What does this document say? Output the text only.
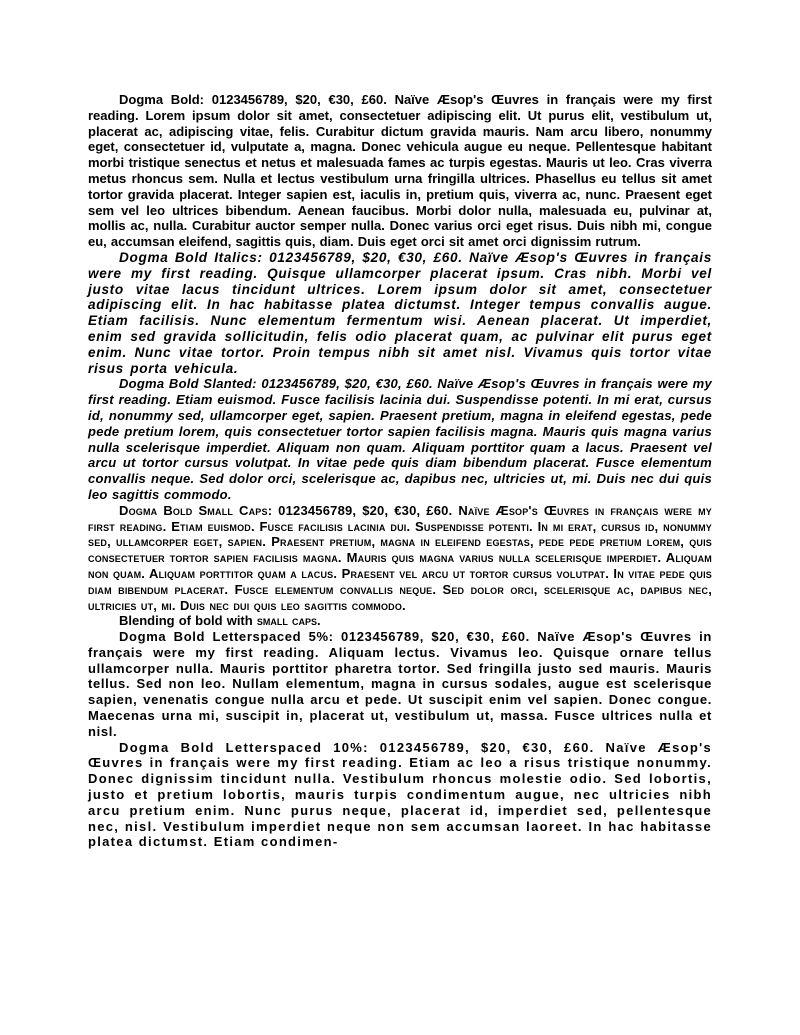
Dogma Bold: 0123456789, $20, €30, £60. Naïve Æsop's Œuvres in français were my first reading. Lorem ipsum dolor sit amet, consectetuer adipiscing elit. Ut purus elit, vestibulum ut, placerat ac, adipiscing vitae, felis. Curabitur dictum gravida mauris. Nam arcu libero, nonummy eget, consectetuer id, vulputate a, magna. Donec vehicula augue eu neque. Pellentesque habitant morbi tristique senectus et netus et malesuada fames ac turpis egestas. Mauris ut leo. Cras viverra metus rhoncus sem. Nulla et lectus vestibulum urna fringilla ultrices. Phasellus eu tellus sit amet tortor gravida placerat. Integer sapien est, iaculis in, pretium quis, viverra ac, nunc. Praesent eget sem vel leo ultrices bibendum. Aenean faucibus. Morbi dolor nulla, malesuada eu, pulvinar at, mollis ac, nulla. Curabitur auctor semper nulla. Donec varius orci eget risus. Duis nibh mi, congue eu, accumsan eleifend, sagittis quis, diam. Duis eget orci sit amet orci dignissim rutrum.

Dogma Bold Italics: 0123456789, $20, €30, £60. Naïve Æsop's Œuvres in français were my first reading. Quisque ullamcorper placerat ipsum. Cras nibh. Morbi vel justo vitae lacus tincidunt ultrices. Lorem ipsum dolor sit amet, consectetuer adipiscing elit. In hac habitasse platea dictumst. Integer tempus convallis augue. Etiam facilisis. Nunc elementum fermentum wisi. Aenean placerat. Ut imperdiet, enim sed gravida sollicitudin, felis odio placerat quam, ac pulvinar elit purus eget enim. Nunc vitae tortor. Proin tempus nibh sit amet nisl. Vivamus quis tortor vitae risus porta vehicula.

Dogma Bold Slanted: 0123456789, $20, €30, £60. Naïve Æsop's Œuvres in français were my first reading. Etiam euismod. Fusce facilisis lacinia dui. Suspendisse potenti. In mi erat, cursus id, nonummy sed, ullamcorper eget, sapien. Praesent pretium, magna in eleifend egestas, pede pede pretium lorem, quis consectetuer tortor sapien facilisis magna. Mauris quis magna varius nulla scelerisque imperdiet. Aliquam non quam. Aliquam porttitor quam a lacus. Praesent vel arcu ut tortor cursus volutpat. In vitae pede quis diam bibendum placerat. Fusce elementum convallis neque. Sed dolor orci, scelerisque ac, dapibus nec, ultricies ut, mi. Duis nec dui quis leo sagittis commodo.

Dogma Bold Small Caps: 0123456789, $20, €30, £60. Naïve Æsop's Œuvres in français were my first reading. Etiam euismod. Fusce facilisis lacinia dui. Suspendisse potenti. In mi erat, cursus id, nonummy sed, ullamcorper eget, sapien. Praesent pretium, magna in eleifend egestas, pede pede pretium lorem, quis consectetuer tortor sapien facilisis magna. Mauris quis magna varius nulla scelerisque imperdiet. Aliquam non quam. Aliquam porttitor quam a lacus. Praesent vel arcu ut tortor cursus volutpat. In vitae pede quis diam bibendum placerat. Fusce elementum convallis neque. Sed dolor orci, scelerisque ac, dapibus nec, ultricies ut, mi. Duis nec dui quis leo sagittis commodo.

Blending of bold with small caps.

Dogma Bold Letterspaced 5%: 0123456789, $20, €30, £60. Naïve Æsop's Œuvres in français were my first reading. Aliquam lectus. Vivamus leo. Quisque ornare tellus ullamcorper nulla. Mauris porttitor pharetra tortor. Sed fringilla justo sed mauris. Mauris tellus. Sed non leo. Nullam elementum, magna in cursus sodales, augue est scelerisque sapien, venenatis congue nulla arcu et pede. Ut suscipit enim vel sapien. Donec congue. Maecenas urna mi, suscipit in, placerat ut, vestibulum ut, massa. Fusce ultrices nulla et nisl.

Dogma Bold Letterspaced 10%: 0123456789, $20, €30, £60. Naïve Æsop's Œuvres in français were my first reading. Etiam ac leo a risus tristique nonummy. Donec dignissim tincidunt nulla. Vestibulum rhoncus molestie odio. Sed lobortis, justo et pretium lobortis, mauris turpis condimentum augue, nec ultricies nibh arcu pretium enim. Nunc purus neque, placerat id, imperdiet sed, pellentesque nec, nisl. Vestibulum imperdiet neque non sem accumsan laoreet. In hac habitasse platea dictumst. Etiam condimen-
